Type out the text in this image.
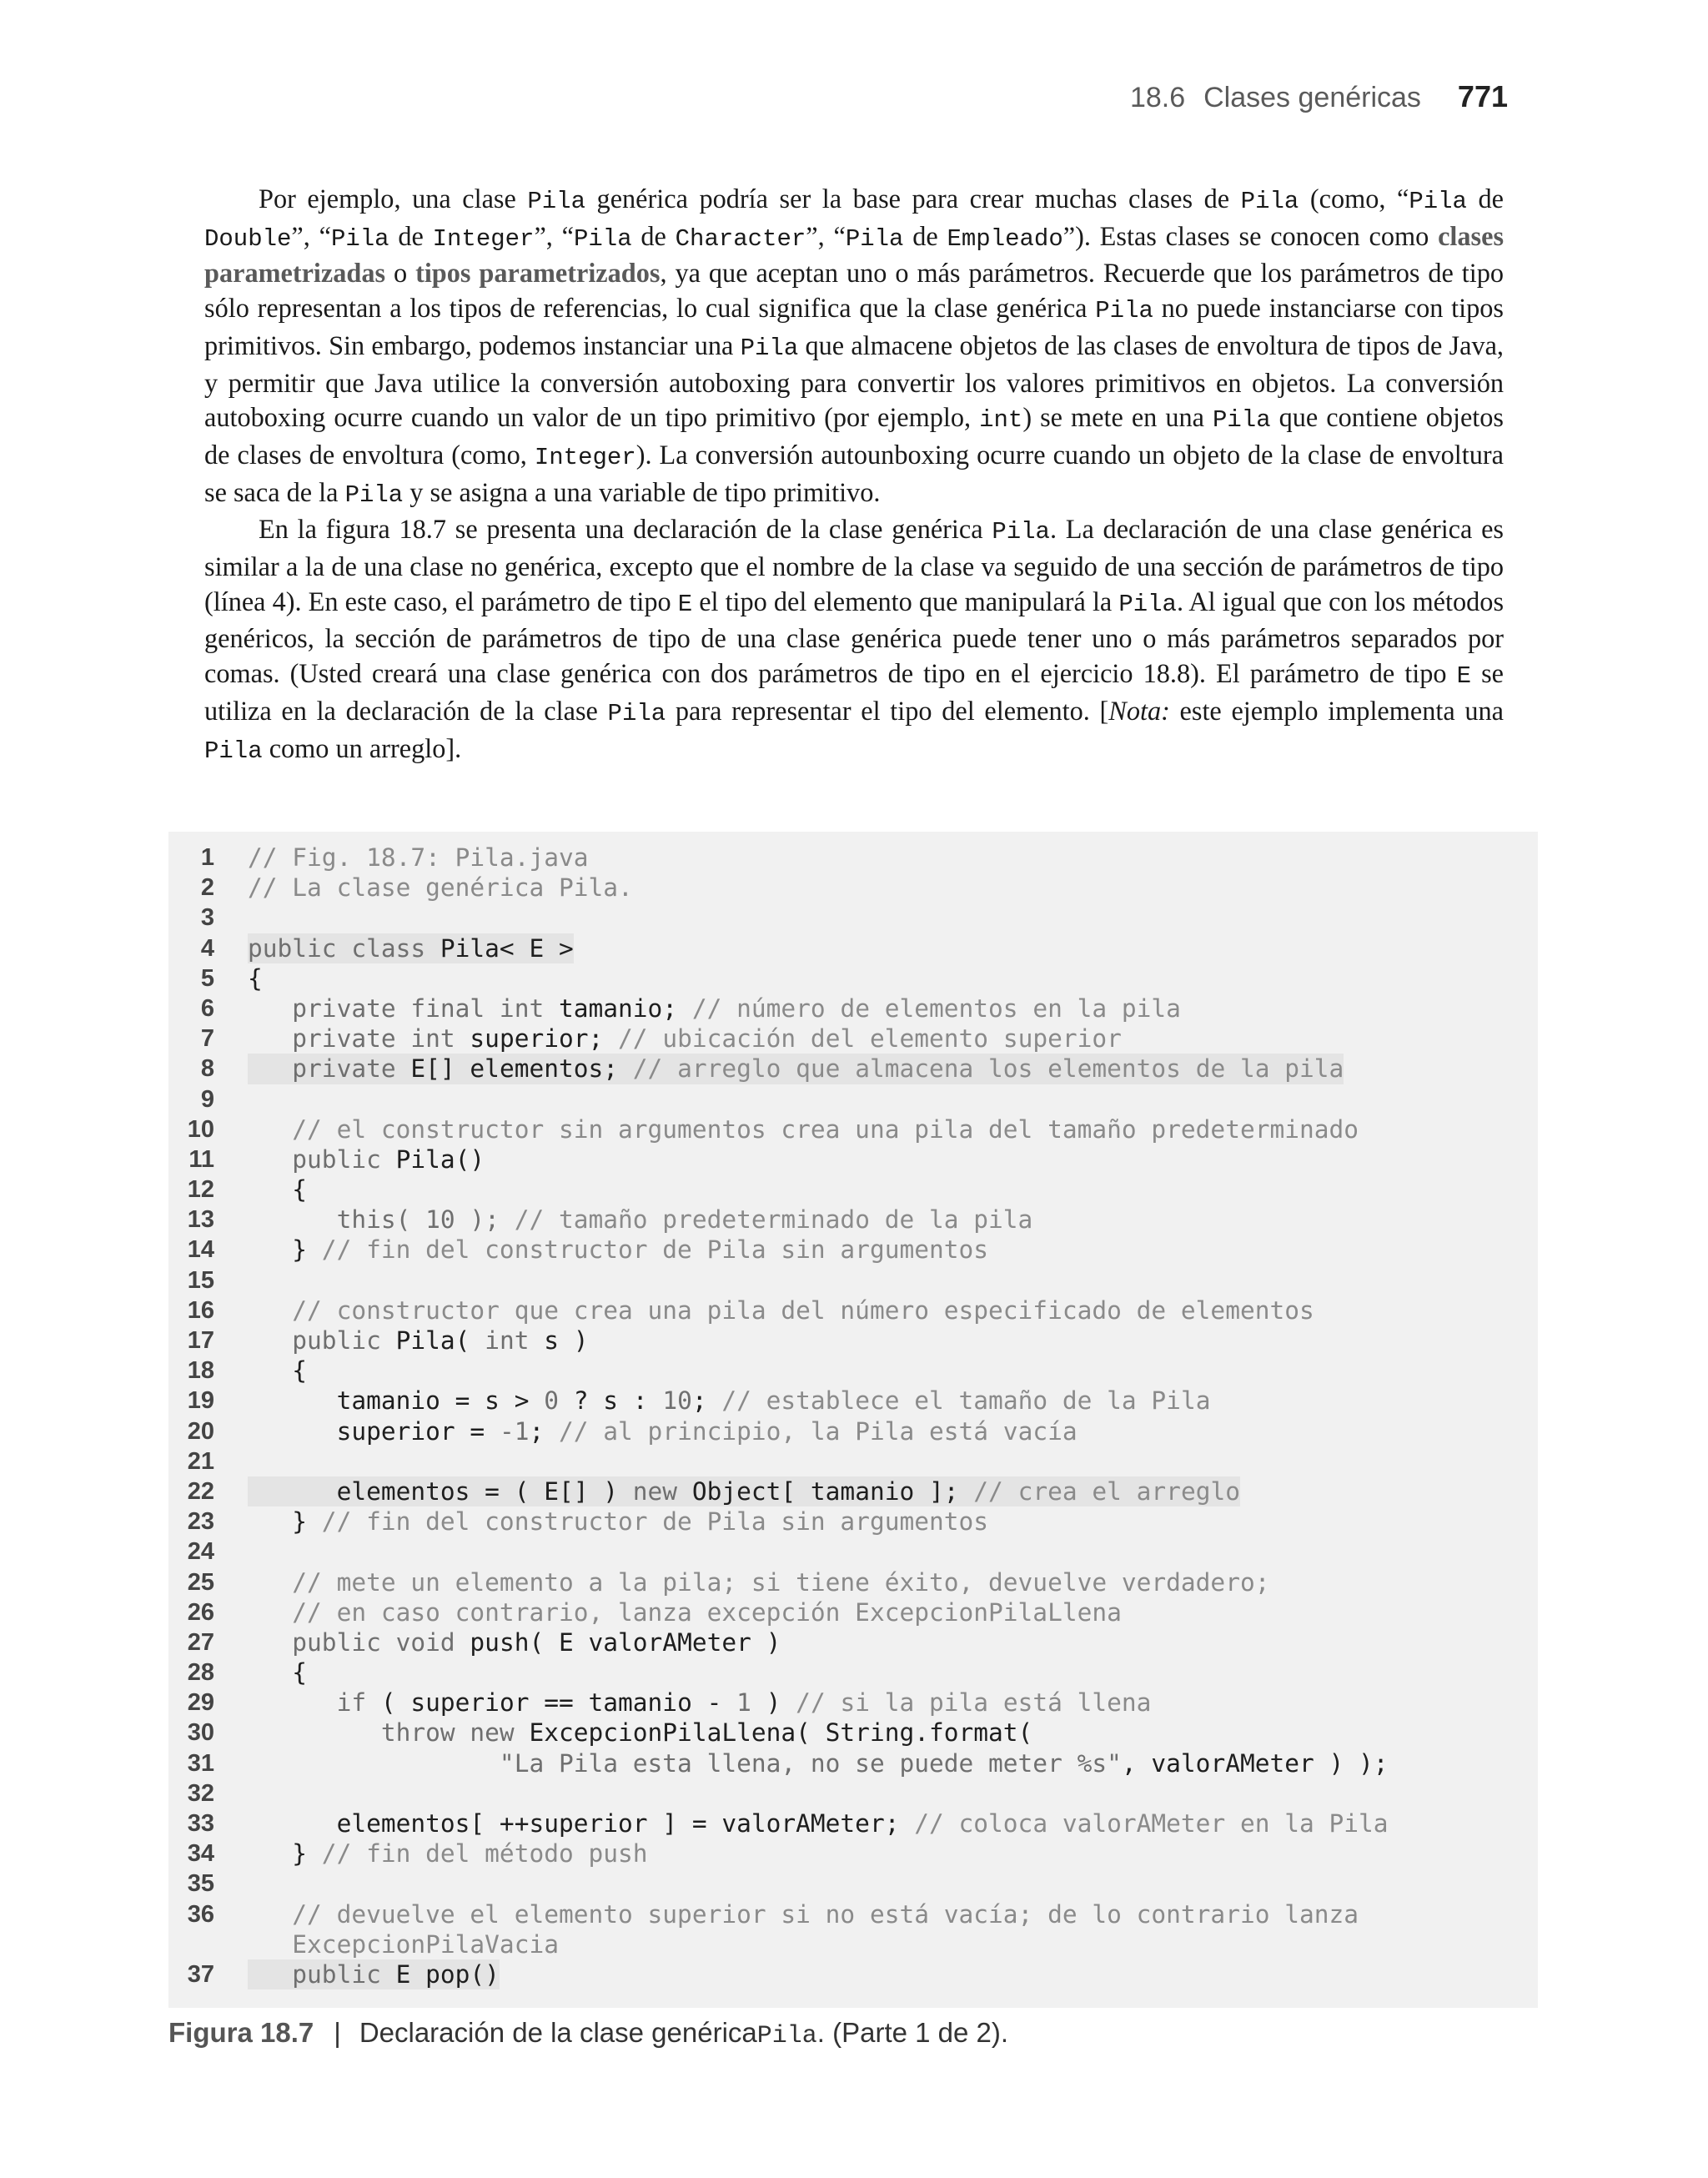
18.6 Clases genéricas 771

Por ejemplo, una clase Pila genérica podría ser la base para crear muchas clases de Pila (como, “Pila de Double”, “Pila de Integer”, “Pila de Character”, “Pila de Empleado”). Estas clases se conocen como clases parametrizadas o tipos parametrizados, ya que aceptan uno o más parámetros. Recuerde que los parámetros de tipo sólo representan a los tipos de referencias, lo cual significa que la clase genérica Pila no puede instanciarse con tipos primitivos. Sin embargo, podemos instanciar una Pila que almacene objetos de las clases de envoltura de tipos de Java, y permitir que Java utilice la conversión autoboxing para convertir los valores primitivos en objetos. La conversión autoboxing ocurre cuando un valor de un tipo primitivo (por ejemplo, int) se mete en una Pila que contiene objetos de clases de envoltura (como, Integer). La conversión autounboxing ocurre cuando un objeto de la clase de envoltura se saca de la Pila y se asigna a una variable de tipo primitivo.

En la figura 18.7 se presenta una declaración de la clase genérica Pila. La declaración de una clase genérica es similar a la de una clase no genérica, excepto que el nombre de la clase va seguido de una sección de parámetros de tipo (línea 4). En este caso, el parámetro de tipo E el tipo del elemento que manipulará la Pila. Al igual que con los métodos genéricos, la sección de parámetros de tipo de una clase genérica puede tener uno o más parámetros separados por comas. (Usted creará una clase genérica con dos parámetros de tipo en el ejercicio 18.8). El parámetro de tipo E se utiliza en la declaración de la clase Pila para representar el tipo del elemento. [Nota: este ejemplo implementa una Pila como un arreglo].

1 // Fig. 18.7: Pila.java
2 // La clase genérica Pila.
3
4 public class Pila< E >
5 {
6 private final int tamanio; // número de elementos en la pila
7 private int superior; // ubicación del elemento superior
8 private E[] elementos; // arreglo que almacena los elementos de la pila
9
10 // el constructor sin argumentos crea una pila del tamaño predeterminado
11 public Pila()
12 {
13 this( 10 ); // tamaño predeterminado de la pila
14 } // fin del constructor de Pila sin argumentos
15
16 // constructor que crea una pila del número especificado de elementos
17 public Pila( int s )
18 {
19 tamanio = s > 0 ? s : 10; // establece el tamaño de la Pila
20 superior = -1; // al principio, la Pila está vacía
21
22 elementos = ( E[] ) new Object[ tamanio ]; // crea el arreglo
23 } // fin del constructor de Pila sin argumentos
24
25 // mete un elemento a la pila; si tiene éxito, devuelve verdadero;
26 // en caso contrario, lanza excepción ExcepcionPilaLlena
27 public void push( E valorAMeter )
28 {
29 if ( superior == tamanio - 1 ) // si la pila está llena
30 throw new ExcepcionPilaLlena( String.format(
31 "La Pila esta llena, no se puede meter %s", valorAMeter ) );
32
33 elementos[ ++superior ] = valorAMeter; // coloca valorAMeter en la Pila
34 } // fin del método push
35
36 // devuelve el elemento superior si no está vacía; de lo contrario lanza
ExcepcionPilaVacia
37 public E pop()
Figura 18.7 | Declaración de la clase genérica Pila . (Parte 1 de 2).
